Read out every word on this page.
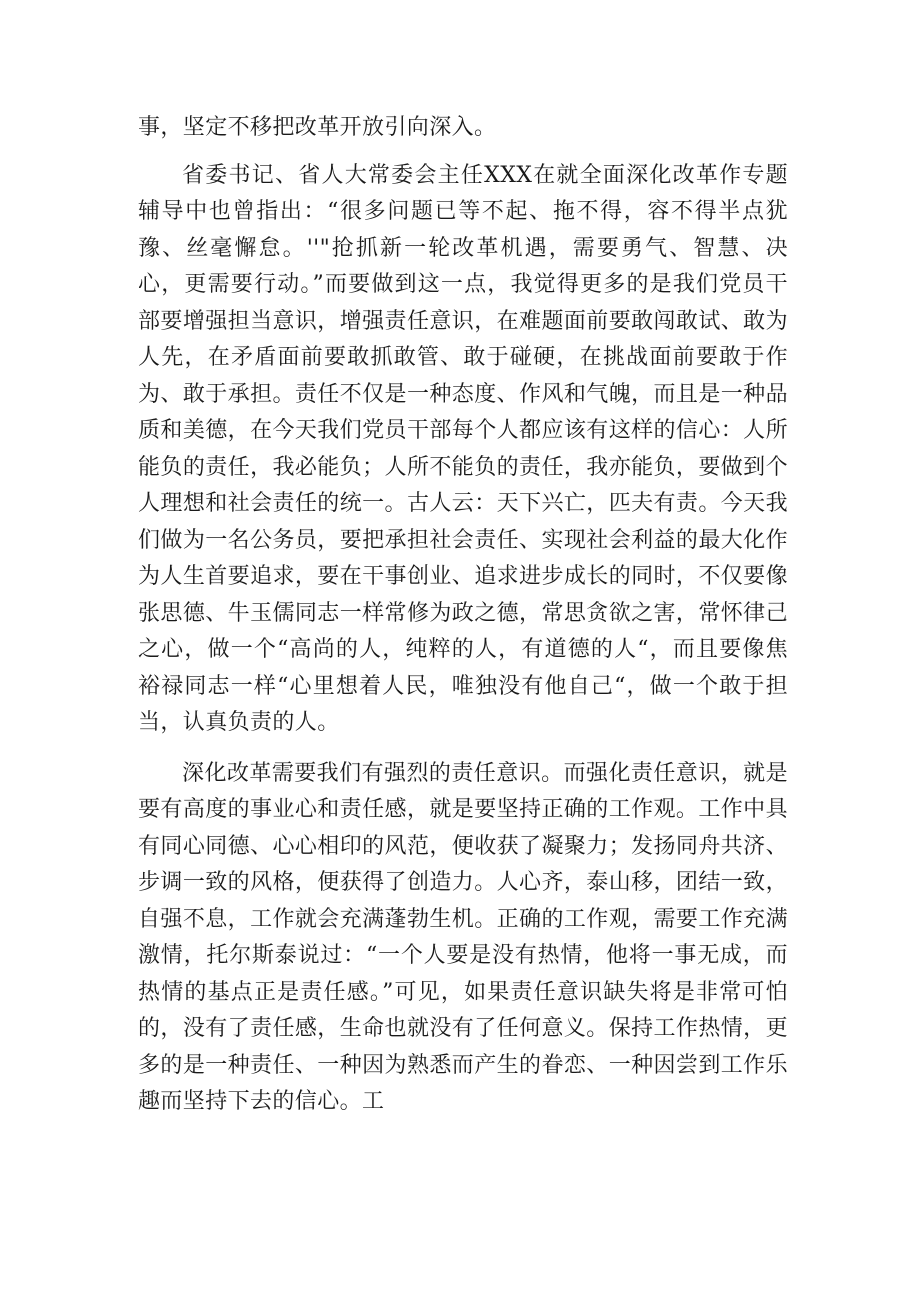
事，坚定不移把改革开放引向深入。

省委书记、省人大常委会主任XXX在就全面深化改革作专题辅导中也曾指出：“很多问题已等不起、拖不得，容不得半点犹豫、丝毫懈怠。''"抢抓新一轮改革机遇，需要勇气、智慧、决心，更需要行动。”而要做到这一点，我觉得更多的是我们党员干部要增强担当意识，增强责任意识，在难题面前要敢闯敢试、敢为人先，在矛盾面前要敢抓敢管、敢于碰硬，在挑战面前要敢于作为、敢于承担。责任不仅是一种态度、作风和气魄，而且是一种品质和美德，在今天我们党员干部每个人都应该有这样的信心：人所能负的责任，我必能负；人所不能负的责任，我亦能负，要做到个人理想和社会责任的统一。古人云：天下兴亡，匹夫有责。今天我们做为一名公务员，要把承担社会责任、实现社会利益的最大化作为人生首要追求，要在干事创业、追求进步成长的同时，不仅要像张思德、牛玉儒同志一样常修为政之德，常思贪欲之害，常怀律己之心，做一个“高尚的人，纯粹的人，有道德的人“，而且要像焦裕禄同志一样“心里想着人民，唯独没有他自己“，做一个敢于担当，认真负责的人。

深化改革需要我们有强烈的责任意识。而强化责任意识，就是要有高度的事业心和责任感，就是要坚持正确的工作观。工作中具有同心同德、心心相印的风范，便收获了凝聚力；发扬同舟共济、步调一致的风格，便获得了创造力。人心齐，泰山移，团结一致，自强不息，工作就会充满蓬勃生机。正确的工作观，需要工作充满激情，托尔斯泰说过：“一个人要是没有热情，他将一事无成，而热情的基点正是责任感。”可见，如果责任意识缺失将是非常可怕的，没有了责任感，生命也就没有了任何意义。保持工作热情，更多的是一种责任、一种因为熟悉而产生的眷恋、一种因尝到工作乐趣而坚持下去的信心。工
